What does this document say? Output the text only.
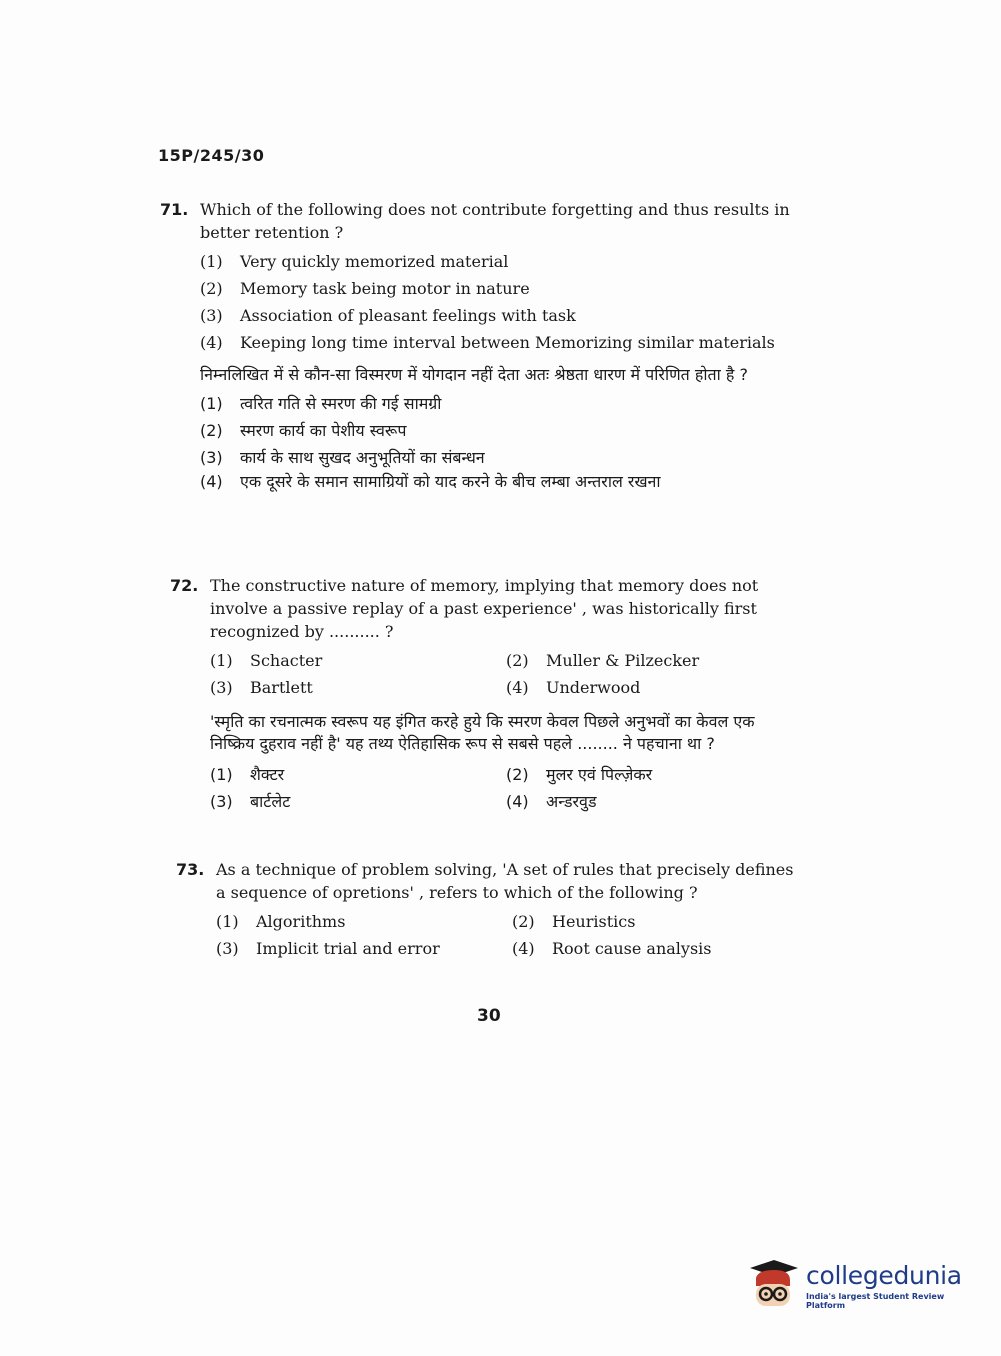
15P/245/30
71. Which of the following does not contribute forgetting and thus results in better retention ?
(1)	Very quickly memorized material
(2)	Memory task being motor in nature
(3)	Association of pleasant feelings with task
(4)	Keeping long time interval between Memorizing similar materials
निम्नलिखित में से कौन-सा विस्मरण में योगदान नहीं देता अतः श्रेष्ठता धारण में परिणित होता है ?
(1)	त्वरित गति से स्मरण की गई सामग्री
(2)	स्मरण कार्य का पेशीय स्वरूप
(3)	कार्य के साथ सुखद अनुभूतियों का संबन्धन
(4)	एक दूसरे के समान सामाग्रियों को याद करने के बीच लम्बा अन्तराल रखना
72. The constructive nature of memory, implying that memory does not involve a passive replay of a past experience' , was historically first recognized by .......... ?
(1)	Schacter	(2)	Muller & Pilzecker
(3)	Bartlett	(4)	Underwood
'स्मृति का रचनात्मक स्वरूप यह इंगित करहे हुये कि स्मरण केवल पिछले अनुभवों का केवल एक निष्क्रिय दुहराव नहीं है' यह तथ्य ऐतिहासिक रूप से सबसे पहले ........ ने पहचाना था ?
(1)	शैक्टर	(2)	मुलर एवं पिल्ज़ेकर
(3)	बार्टलेट	(4)	अन्डरवुड
73. As a technique of problem solving, 'A set of rules that precisely defines a sequence of opretions' , refers to which of the following ?
(1)	Algorithms	(2)	Heuristics
(3)	Implicit trial and error	(4)	Root cause analysis
30
collegedunia
India's largest Student Review Platform
